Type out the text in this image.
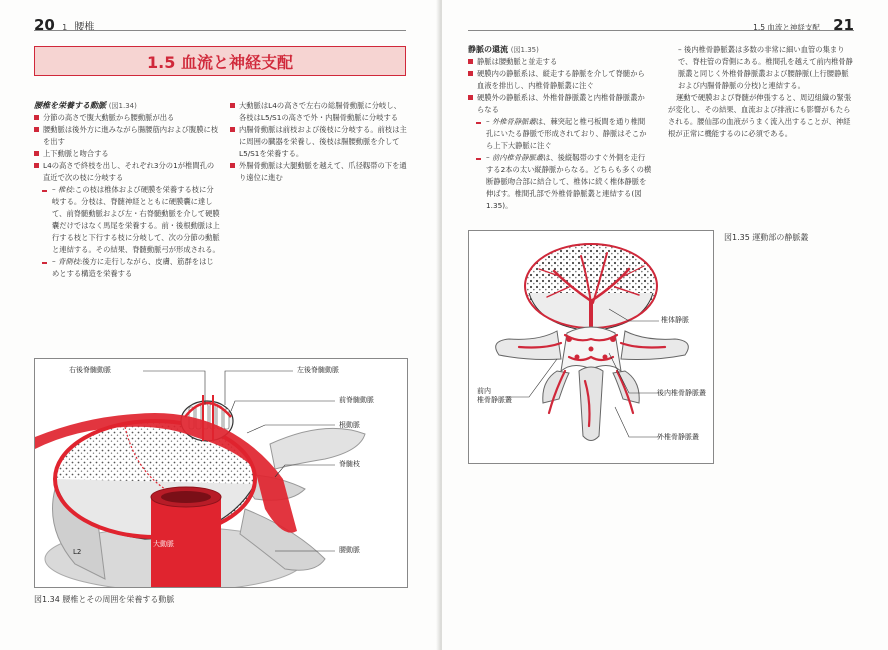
20 1 腰椎
1.5 血流と神経支配
腰椎を栄養する動脈 (図1.34)
分節の高さで腹大動脈から腰動脈が出る
腰動脈は後外方に進みながら腸腰筋内および腹膜に枝を出す
上下動脈と吻合する
L4の高さで終枝を出し、それぞれ3分の1が椎間孔の直近で次の枝に分岐する
– 椎枝:この枝は椎体および硬膜を栄養する枝に分岐する。分枝は、脊髄神経とともに硬膜囊に達して、前脊髄動脈および左・右脊髄動脈を介して硬膜囊だけではなく馬尾を栄養する。前・後根動脈は上行する枝と下行する枝に分岐して、次の分節の動脈と連結する。その結果、脊髄動脈弓が形成される。
– 背側枝:後方に走行しながら、皮膚、筋群をはじめとする構造を栄養する
大動脈はL4の高さで左右の総腸骨動脈に分岐し、各枝はL5/S1の高さで外・内腸骨動脈に分岐する
内腸骨動脈は前枝および後枝に分岐する。前枝は主に周囲の臓器を栄養し、後枝は腸腰動脈を介してL5/S1を栄養する。
外腸骨動脈は大腿動脈を越えて、爪径靱帯の下を通り遠位に進む
大動脈
L2
右後脊髄動脈	左後脊髄動脈
前脊髄動脈
根動脈
脊髄枝
腰動脈
図1.34 腰椎とその周囲を栄養する動脈
1.5 血流と神経支配 21
静脈の還流 (図1.35)
静脈は腰動脈と並走する
硬膜内の静脈系は、縦走する静脈を介して脊髄から血液を排出し、内椎骨静脈叢に注ぐ
硬膜外の静脈系は、外椎骨静脈叢と内椎骨静脈叢からなる
– 外椎骨静脈叢は、棘突起と椎弓板間を通り椎間孔にいたる静脈で形成されており、静脈はそこから上下大静脈に注ぐ
– 前内椎骨静脈叢は、後縦靱帯のすぐ外側を走行する2本の太い縦静脈からなる。どちらも多くの横断静脈吻合部に結合して、椎体に続く椎体静脈を伸ばす。椎間孔部で外椎骨静脈叢と連結する(図1.35)。
– 後内椎骨静脈叢は多数の非常に細い血管の集まりで、脊柱管の背側にある。椎間孔を越えて前内椎骨静脈叢と同じく外椎骨静脈叢および腰静脈(上行腰静脈および内腸骨静脈の分枝)と連結する。
運動で硬膜および脊髄が伸張すると、周辺組織の緊張が変化し、その結果、血流および排液にも影響がもたらされる。腰仙部の血液がうまく流入出することが、神経根が正常に機能するのに必須である。
椎体静脈
前内
椎骨静脈叢
後内椎骨静脈叢
外椎骨静脈叢
図1.35 運動部の静脈叢
